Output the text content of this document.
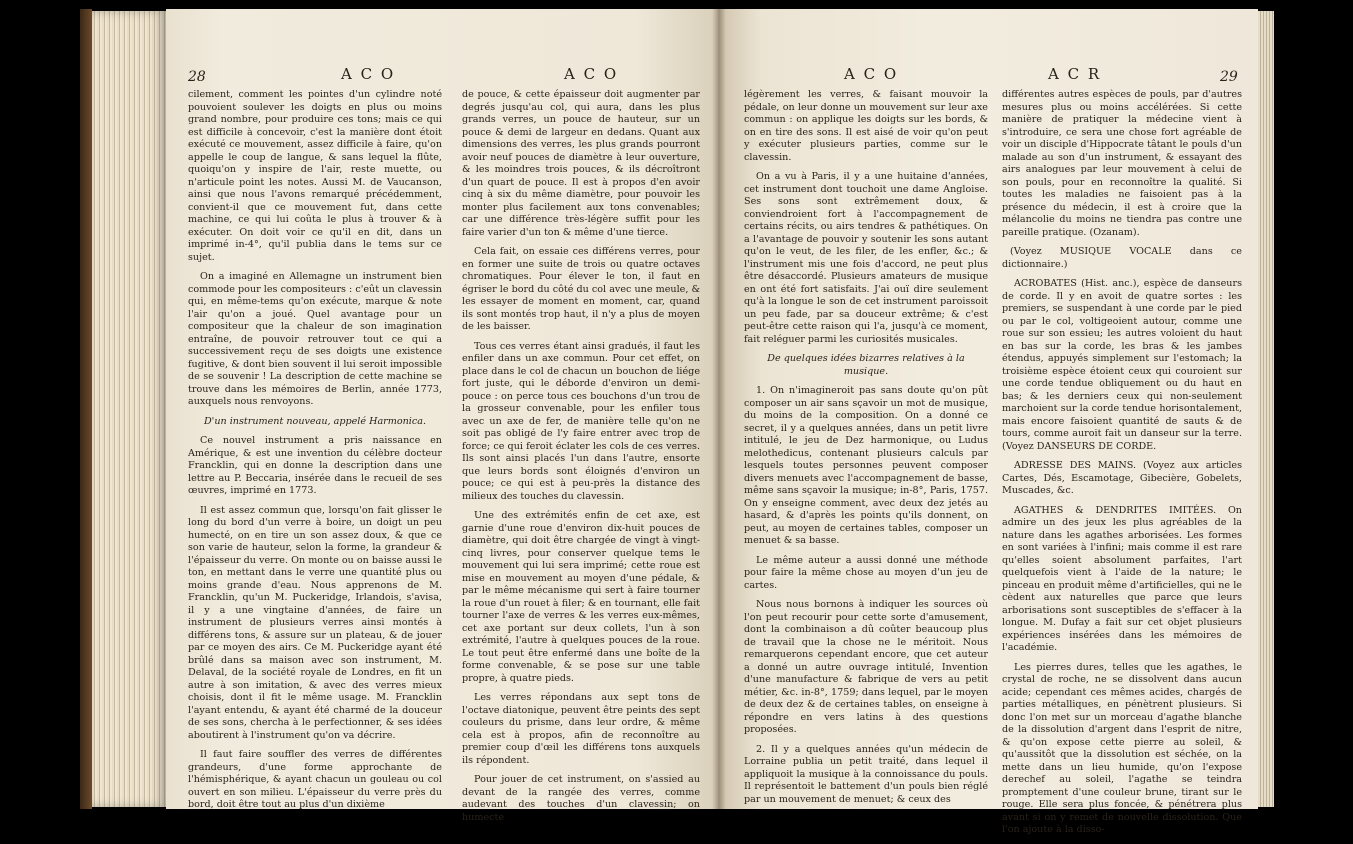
28	A C O	A C O

cilement, comment les pointes d'un cylindre noté pouvoient soulever les doigts en plus ou moins grand nombre, pour produire ces tons; mais ce qui est difficile à concevoir, c'est la manière dont étoit exécuté ce mouvement, assez difficile à faire, qu'on appelle le coup de langue, & sans lequel la flûte, quoiqu'on y inspire de l'air, reste muette, ou n'articule point les notes. Aussi M. de Vaucanson, ainsi que nous l'avons remarqué précédemment, convient-il que ce mouvement fut, dans cette machine, ce qui lui coûta le plus à trouver & à exécuter. On doit voir ce qu'il en dit, dans un imprimé in-4°, qu'il publia dans le tems sur ce sujet.

On a imaginé en Allemagne un instrument bien commode pour les compositeurs : c'eût un clavessin qui, en même-tems qu'on exécute, marque & note l'air qu'on a joué. Quel avantage pour un compositeur que la chaleur de son imagination entraîne, de pouvoir retrouver tout ce qui a successivement reçu de ses doigts une existence fugitive, & dont bien souvent il lui seroit impossible de se souvenir ! La description de cette machine se trouve dans les mémoires de Berlin, année 1773, auxquels nous renvoyons.

D'un instrument nouveau, appelé Harmonica.

Ce nouvel instrument a pris naissance en Amérique, & est une invention du célèbre docteur Francklin, qui en donne la description dans une lettre au P. Beccaria, insérée dans le recueil de ses œuvres, imprimé en 1773.

Il est assez commun que, lorsqu'on fait glisser le long du bord d'un verre à boire, un doigt un peu humecté, on en tire un son assez doux, & que ce son varie de hauteur, selon la forme, la grandeur & l'épaisseur du verre. On monte ou on baisse aussi le ton, en mettant dans le verre une quantité plus ou moins grande d'eau. Nous apprenons de M. Francklin, qu'un M. Puckeridge, Irlandois, s'avisa, il y a une vingtaine d'années, de faire un instrument de plusieurs verres ainsi montés à différens tons, & assure sur un plateau, & de jouer par ce moyen des airs. Ce M. Puckeridge ayant été brûlé dans sa maison avec son instrument, M. Delaval, de la société royale de Londres, en fit un autre à son imitation, & avec des verres mieux choisis, dont il fit le même usage. M. Francklin l'ayant entendu, & ayant été charmé de la douceur de ses sons, chercha à le perfectionner, & ses idées aboutirent à l'instrument qu'on va décrire.

Il faut faire souffler des verres de différentes grandeurs, d'une forme approchante de l'hémisphérique, & ayant chacun un gouleau ou col ouvert en son milieu. L'épaisseur du verre près du bord, doit être tout au plus d'un dixième

de pouce, & cette épaisseur doit augmenter par degrés jusqu'au col, qui aura, dans les plus grands verres, un pouce de hauteur, sur un pouce & demi de largeur en dedans. Quant aux dimensions des verres, les plus grands pourront avoir neuf pouces de diamètre à leur ouverture, & les moindres trois pouces, & ils décroîtront d'un quart de pouce. Il est à propos d'en avoir cinq à six du même diamètre, pour pouvoir les monter plus facilement aux tons convenables; car une différence très-légère suffit pour les faire varier d'un ton & même d'une tierce.

Cela fait, on essaie ces différens verres, pour en former une suite de trois ou quatre octaves chromatiques. Pour élever le ton, il faut en égriser le bord du côté du col avec une meule, & les essayer de moment en moment, car, quand ils sont montés trop haut, il n'y a plus de moyen de les baisser.

Tous ces verres étant ainsi gradués, il faut les enfiler dans un axe commun. Pour cet effet, on place dans le col de chacun un bouchon de liége fort juste, qui le déborde d'environ un demi-pouce : on perce tous ces bouchons d'un trou de la grosseur convenable, pour les enfiler tous avec un axe de fer, de manière telle qu'on ne soit pas obligé de l'y faire entrer avec trop de force; ce qui feroit éclater les cols de ces verres. Ils sont ainsi placés l'un dans l'autre, ensorte que leurs bords sont éloignés d'environ un pouce; ce qui est à peu-près la distance des milieux des touches du clavessin.

Une des extrémités enfin de cet axe, est garnie d'une roue d'environ dix-huit pouces de diamètre, qui doit être chargée de vingt à vingt-cinq livres, pour conserver quelque tems le mouvement qui lui sera imprimé; cette roue est mise en mouvement au moyen d'une pédale, & par le même mécanisme qui sert à faire tourner la roue d'un rouet à filer; & en tournant, elle fait tourner l'axe de verres & les verres eux-mêmes, cet axe portant sur deux collets, l'un à son extrémité, l'autre à quelques pouces de la roue. Le tout peut être enfermé dans une boîte de la forme convenable, & se pose sur une table propre, à quatre pieds.

Les verres répondans aux sept tons de l'octave diatonique, peuvent être peints des sept couleurs du prisme, dans leur ordre, & même cela est à propos, afin de reconnoître au premier coup d'œil les différens tons auxquels ils répondent.

Pour jouer de cet instrument, on s'assied au devant de la rangée des verres, comme audevant des touches d'un clavessin; on humecte

A C O	A C R	29

légèrement les verres, & faisant mouvoir la pédale, on leur donne un mouvement sur leur axe commun : on applique les doigts sur les bords, & on en tire des sons. Il est aisé de voir qu'on peut y exécuter plusieurs parties, comme sur le clavessin.

On a vu à Paris, il y a une huitaine d'années, cet instrument dont touchoit une dame Angloise. Ses sons sont extrêmement doux, & conviendroient fort à l'accompagnement de certains récits, ou airs tendres & pathétiques. On a l'avantage de pouvoir y soutenir les sons autant qu'on le veut, de les filer, de les enfler, &c.; & l'instrument mis une fois d'accord, ne peut plus être désaccordé. Plusieurs amateurs de musique en ont été fort satisfaits. J'ai ouï dire seulement qu'à la longue le son de cet instrument paroissoit un peu fade, par sa douceur extrême; & c'est peut-être cette raison qui l'a, jusqu'à ce moment, fait reléguer parmi les curiosités musicales.

De quelques idées bizarres relatives à la musique.

1. On n'imagineroit pas sans doute qu'on pût composer un air sans sçavoir un mot de musique, du moins de la composition. On a donné ce secret, il y a quelques années, dans un petit livre intitulé, le jeu de Dez harmonique, ou Ludus melothedicus, contenant plusieurs calculs par lesquels toutes personnes peuvent composer divers menuets avec l'accompagnement de basse, même sans sçavoir la musique; in-8°, Paris, 1757. On y enseigne comment, avec deux dez jetés au hasard, & d'après les points qu'ils donnent, on peut, au moyen de certaines tables, composer un menuet & sa basse.

Le même auteur a aussi donné une méthode pour faire la même chose au moyen d'un jeu de cartes.

Nous nous bornons à indiquer les sources où l'on peut recourir pour cette sorte d'amusement, dont la combinaison a dû coûter beaucoup plus de travail que la chose ne le méritoit. Nous remarquerons cependant encore, que cet auteur a donné un autre ouvrage intitulé, Invention d'une manufacture & fabrique de vers au petit métier, &c. in-8°, 1759; dans lequel, par le moyen de deux dez & de certaines tables, on enseigne à répondre en vers latins à des questions proposées.

2. Il y a quelques années qu'un médecin de Lorraine publia un petit traité, dans lequel il appliquoit la musique à la connoissance du pouls. Il représentoit le battement d'un pouls bien réglé par un mouvement de menuet; & ceux des

différentes autres espèces de pouls, par d'autres mesures plus ou moins accélérées. Si cette manière de pratiquer la médecine vient à s'introduire, ce sera une chose fort agréable de voir un disciple d'Hippocrate tâtant le pouls d'un malade au son d'un instrument, & essayant des airs analogues par leur mouvement à celui de son pouls, pour en reconnoître la qualité. Si toutes les maladies ne faisoient pas à la présence du médecin, il est à croire que la mélancolie du moins ne tiendra pas contre une pareille pratique. (Ozanam).

(Voyez MUSIQUE VOCALE dans ce dictionnaire.)

ACROBATES (Hist. anc.), espèce de danseurs de corde. Il y en avoit de quatre sortes : les premiers, se suspendant à une corde par le pied ou par le col, voltigeoient autour, comme une roue sur son essieu; les autres voloient du haut en bas sur la corde, les bras & les jambes étendus, appuyés simplement sur l'estomach; la troisième espèce étoient ceux qui couroient sur une corde tendue obliquement ou du haut en bas; & les derniers ceux qui non-seulement marchoient sur la corde tendue horisontalement, mais encore faisoient quantité de sauts & de tours, comme auroit fait un danseur sur la terre. (Voyez DANSEURS DE CORDE.

ADRESSE DES MAINS. (Voyez aux articles Cartes, Dés, Escamotage, Gibecière, Gobelets, Muscades, &c.

AGATHES & DENDRITES IMITÉES. On admire un des jeux les plus agréables de la nature dans les agathes arborisées. Les formes en sont variées à l'infini; mais comme il est rare qu'elles soient absolument parfaites, l'art quelquefois vient à l'aide de la nature; le pinceau en produit même d'artificielles, qui ne le cèdent aux naturelles que parce que leurs arborisations sont susceptibles de s'effacer à la longue. M. Dufay a fait sur cet objet plusieurs expériences insérées dans les mémoires de l'académie.

Les pierres dures, telles que les agathes, le crystal de roche, ne se dissolvent dans aucun acide; cependant ces mêmes acides, chargés de parties métalliques, en pénètrent plusieurs. Si donc l'on met sur un morceau d'agathe blanche de la dissolution d'argent dans l'esprit de nitre, & qu'on expose cette pierre au soleil, & qu'aussitôt que la dissolution est séchée, on la mette dans un lieu humide, qu'on l'expose derechef au soleil, l'agathe se teindra promptement d'une couleur brune, tirant sur le rouge. Elle sera plus foncée, & pénétrera plus avant si on y remet de nouvelle dissolution. Que l'on ajoute à la disso-
